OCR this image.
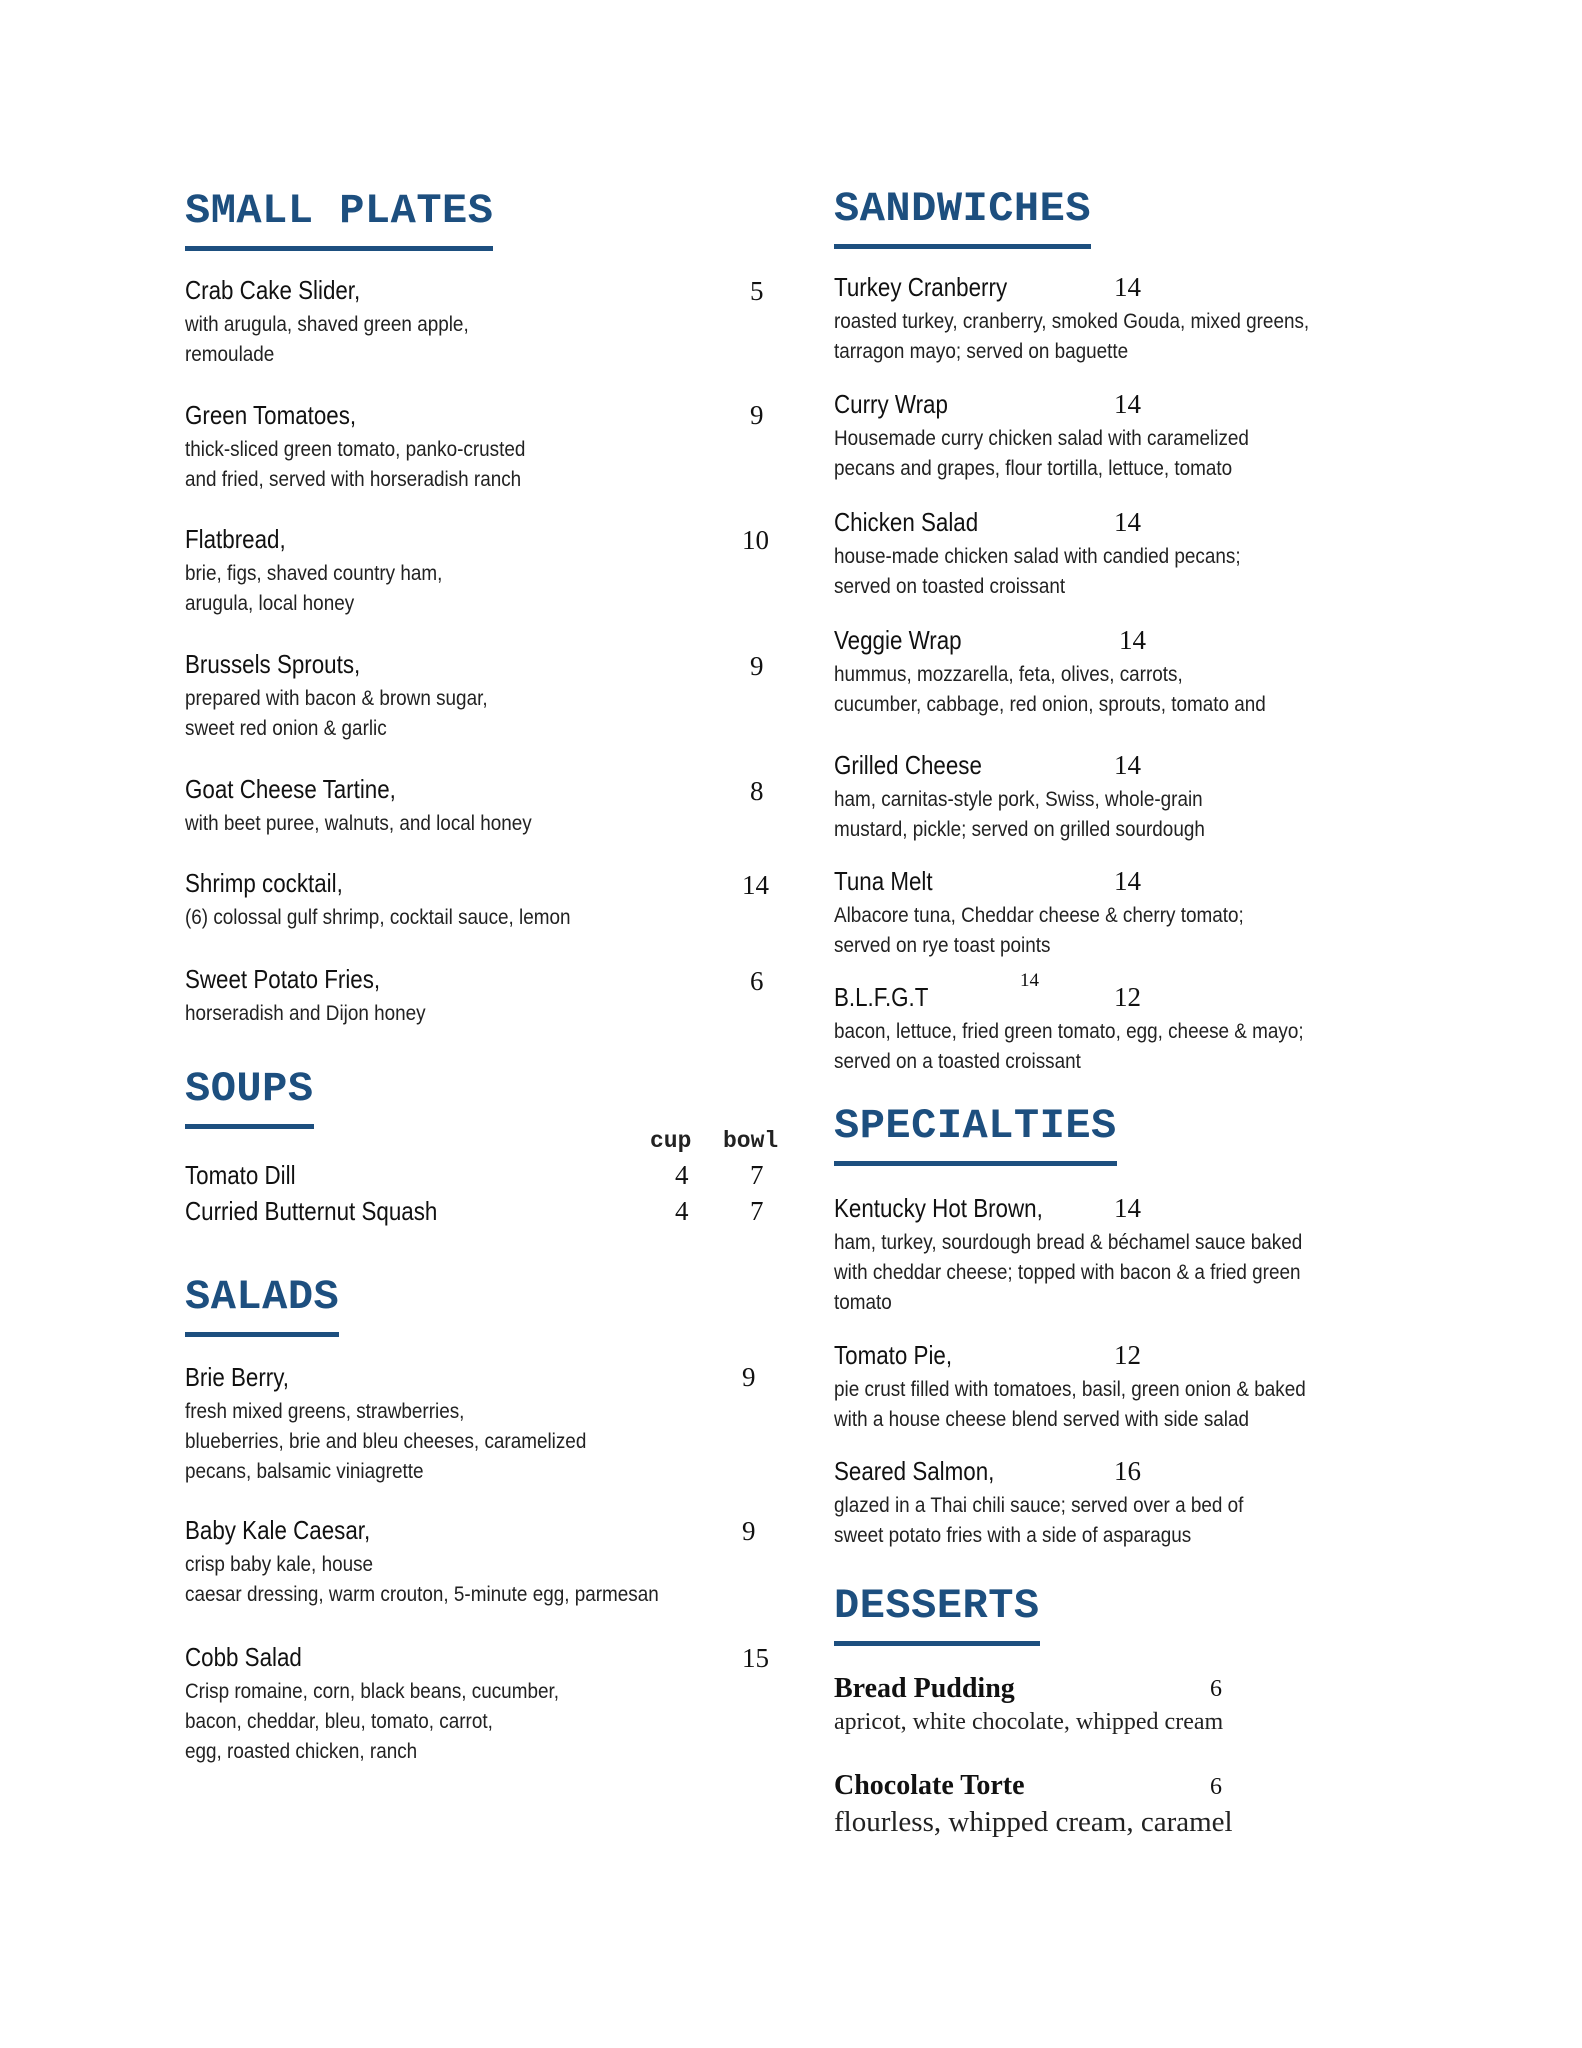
SMALL PLATES
Crab Cake Slider,
with arugula, shaved green apple,
remoulade
5
Green Tomatoes,
thick-sliced green tomato, panko-crusted
and fried, served with horseradish ranch
9
Flatbread,
brie, figs, shaved country ham,
arugula, local honey
10
Brussels Sprouts,
prepared with bacon & brown sugar,
sweet red onion & garlic
9
Goat Cheese Tartine,
with beet puree, walnuts, and local honey
8
Shrimp cocktail,
(6) colossal gulf shrimp, cocktail sauce, lemon
14
Sweet Potato Fries,
horseradish and Dijon honey
6
SOUPS
cup bowl
Tomato Dill	4 7
Curried Butternut Squash	4 7
SALADS
Brie Berry,
fresh mixed greens, strawberries,
blueberries, brie and bleu cheeses, caramelized
pecans, balsamic viniagrette
9
Baby Kale Caesar,
crisp baby kale, house
caesar dressing, warm crouton, 5-minute egg, parmesan
9
Cobb Salad
Crisp romaine, corn, black beans, cucumber,
bacon, cheddar, bleu, tomato, carrot,
egg, roasted chicken, ranch
15
SANDWICHES
Turkey Cranberry
roasted turkey, cranberry, smoked Gouda, mixed greens,
tarragon mayo; served on baguette
14
Curry Wrap
Housemade curry chicken salad with caramelized
pecans and grapes, flour tortilla, lettuce, tomato
14
Chicken Salad
house-made chicken salad with candied pecans;
served on toasted croissant
14
Veggie Wrap
hummus, mozzarella, feta, olives, carrots,
cucumber, cabbage, red onion, sprouts, tomato and
14
Grilled Cheese
ham, carnitas-style pork, Swiss, whole-grain
mustard, pickle; served on grilled sourdough
14
Tuna Melt
Albacore tuna, Cheddar cheese & cherry tomato;
served on rye toast points
14
14
B.L.F.G.T
bacon, lettuce, fried green tomato, egg, cheese & mayo;
served on a toasted croissant
12
SPECIALTIES
Kentucky Hot Brown,
ham, turkey, sourdough bread & béchamel sauce baked
with cheddar cheese; topped with bacon & a fried green
tomato
14
Tomato Pie,
pie crust filled with tomatoes, basil, green onion & baked
with a house cheese blend served with side salad
12
Seared Salmon,
glazed in a Thai chili sauce; served over a bed of
sweet potato fries with a side of asparagus
16
DESSERTS
Bread Pudding
apricot, white chocolate, whipped cream
6
Chocolate Torte
flourless, whipped cream, caramel
6
